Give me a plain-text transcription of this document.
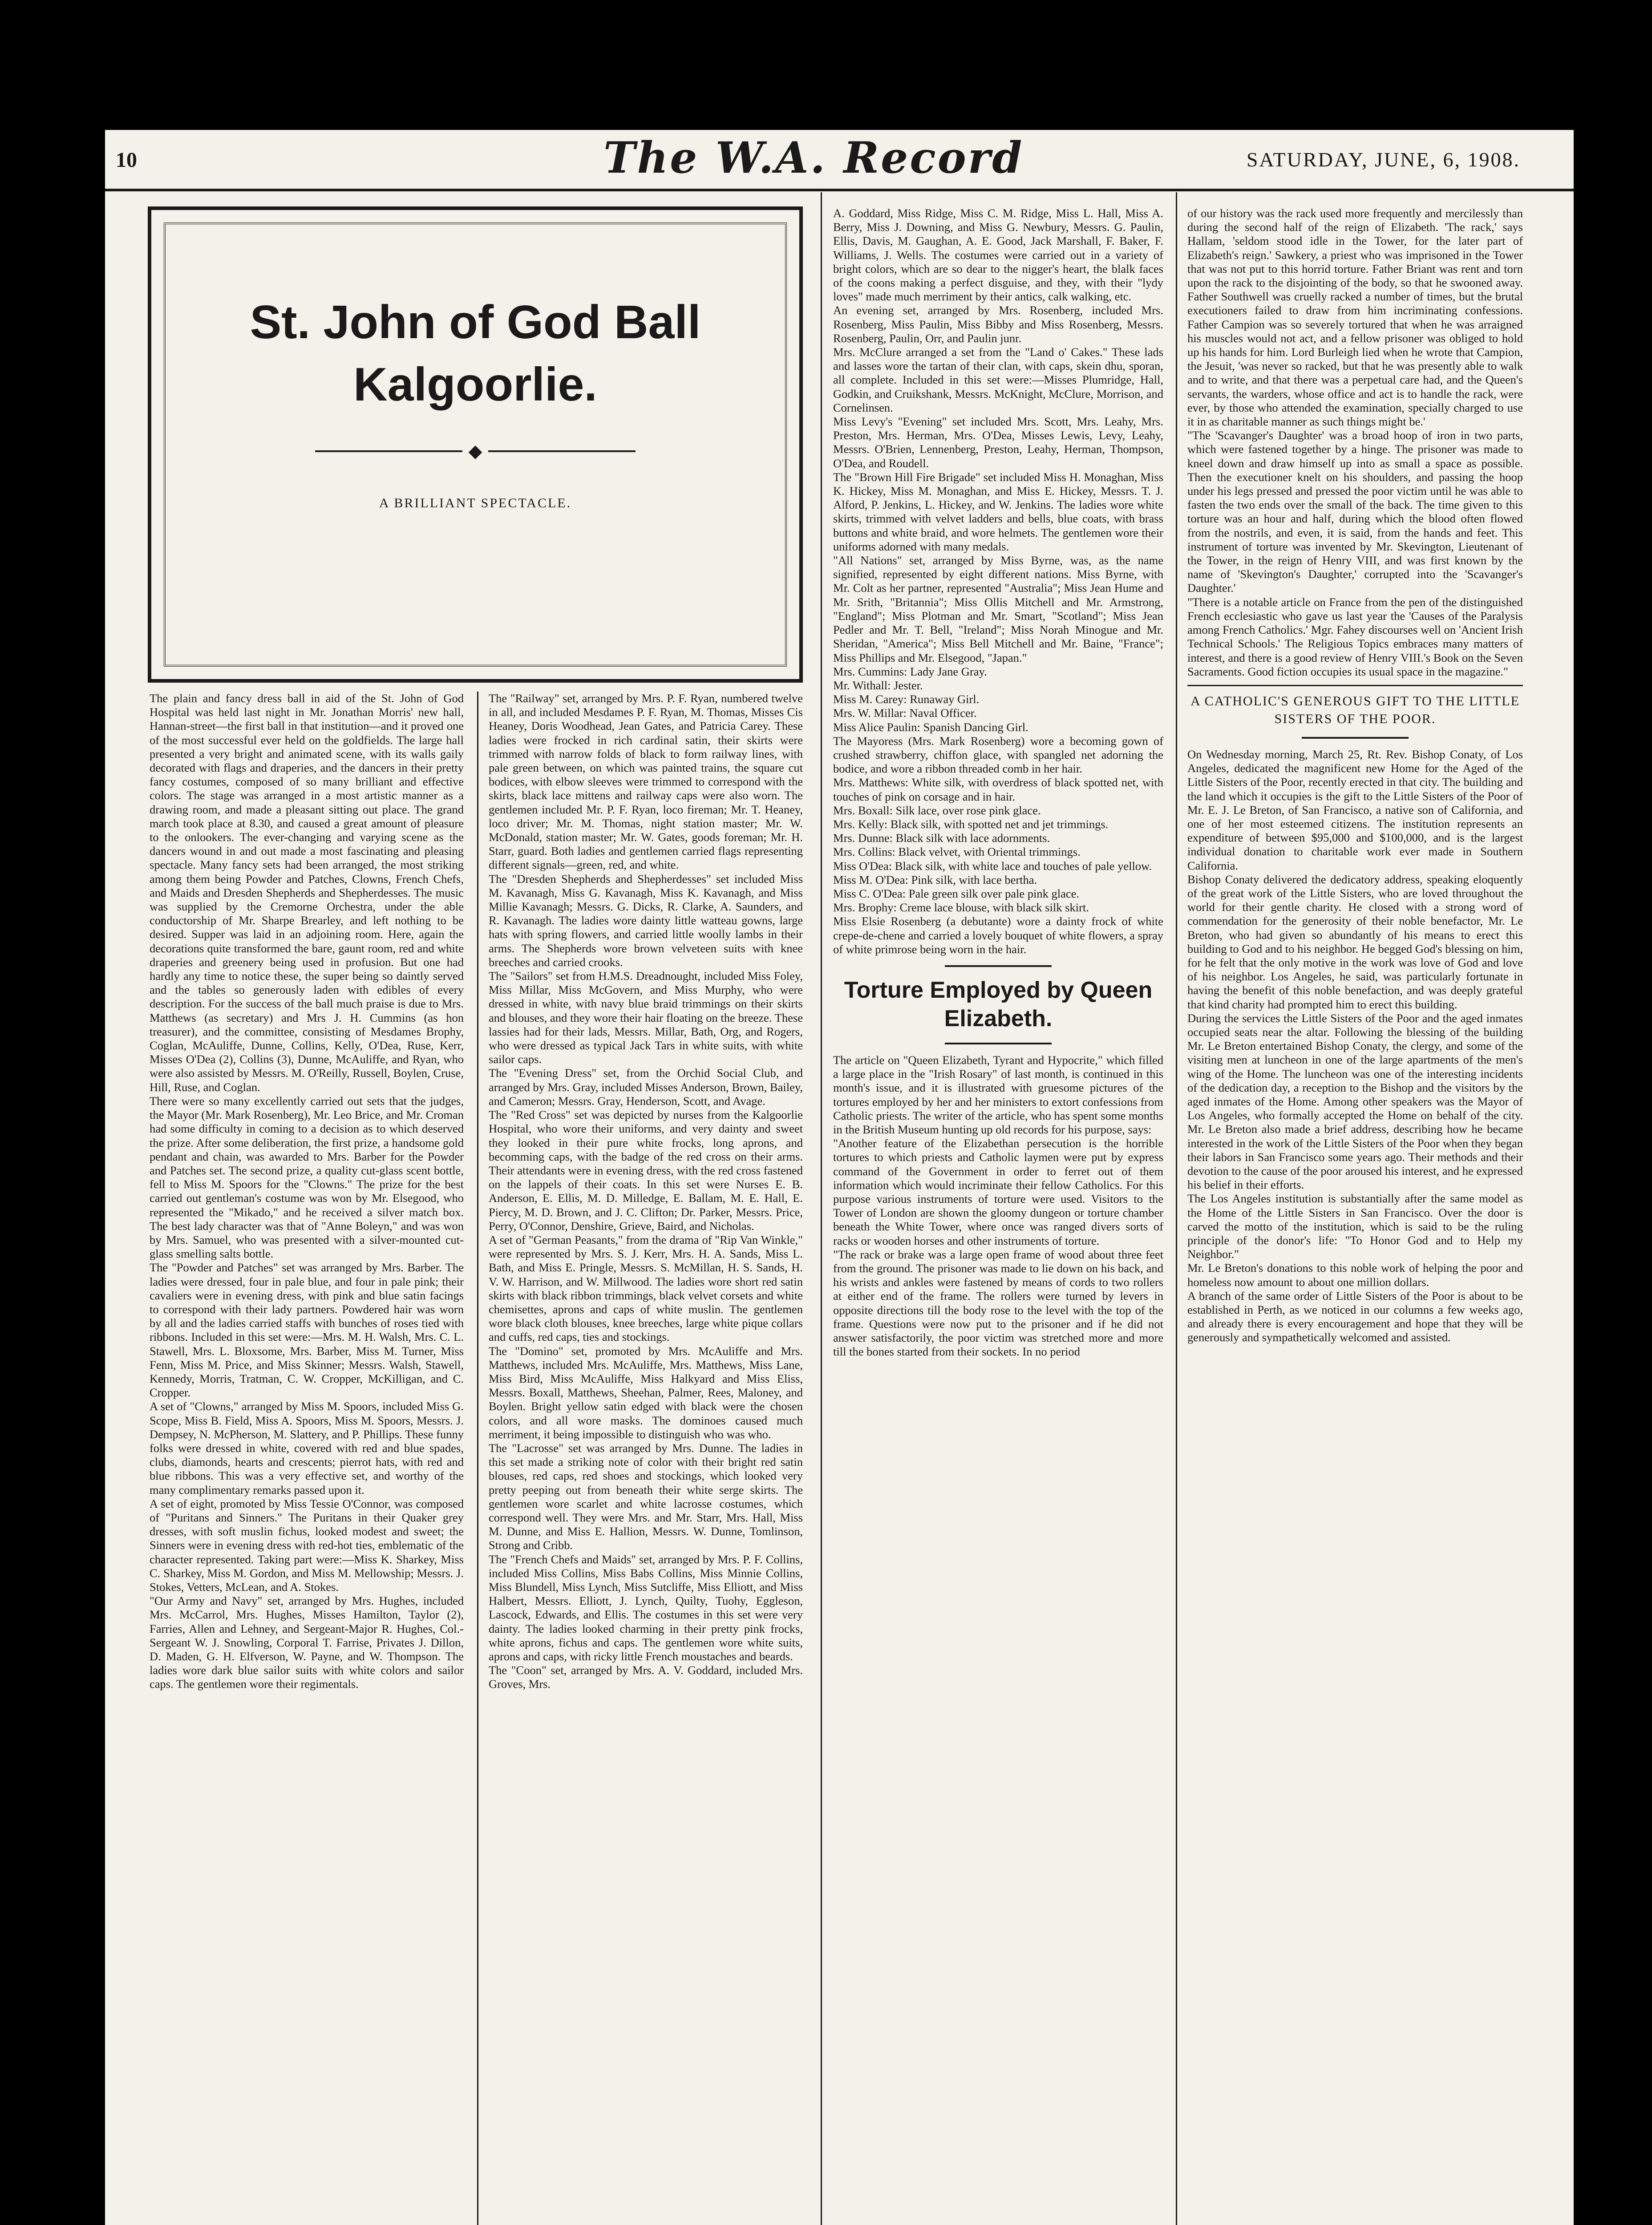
10	The W.A. Record	SATURDAY, JUNE, 6, 1908.
St. John of God Ball Kalgoorlie.
◆
A BRILLIANT SPECTACLE.
The plain and fancy dress ball in aid of the St. John of God Hospital was held last night in Mr. Jonathan Morris' new hall, Hannan-street—the first ball in that institution—and it proved one of the most successful ever held on the goldfields. The large hall presented a very bright and animated scene, with its walls gaily decorated with flags and draperies, and the dancers in their pretty fancy costumes, composed of so many brilliant and effective colors. The stage was arranged in a most artistic manner as a drawing room, and made a pleasant sitting out place. The grand march took place at 8.30, and caused a great amount of pleasure to the onlookers. The ever-changing and varying scene as the dancers wound in and out made a most fascinating and pleasing spectacle. Many fancy sets had been arranged, the most striking among them being Powder and Patches, Clowns, French Chefs, and Maids and Dresden Shepherds and Shepherdesses. The music was supplied by the Cremorne Orchestra, under the able conductorship of Mr. Sharpe Brearley, and left nothing to be desired. Supper was laid in an adjoining room. Here, again the decorations quite transformed the bare, gaunt room, red and white draperies and greenery being used in profusion. But one had hardly any time to notice these, the super being so daintly served and the tables so generously laden with edibles of every description. For the success of the ball much praise is due to Mrs. Matthews (as secretary) and Mrs J. H. Cummins (as hon treasurer), and the committee, consisting of Mesdames Brophy, Coglan, McAuliffe, Dunne, Collins, Kelly, O'Dea, Ruse, Kerr, Misses O'Dea (2), Collins (3), Dunne, McAuliffe, and Ryan, who were also assisted by Messrs. M. O'Reilly, Russell, Boylen, Cruse, Hill, Ruse, and Coglan.
There were so many excellently carried out sets that the judges, the Mayor (Mr. Mark Rosenberg), Mr. Leo Brice, and Mr. Croman had some difficulty in coming to a decision as to which deserved the prize. After some deliberation, the first prize, a handsome gold pendant and chain, was awarded to Mrs. Barber for the Powder and Patches set. The second prize, a quality cut-glass scent bottle, fell to Miss M. Spoors for the "Clowns." The prize for the best carried out gentleman's costume was won by Mr. Elsegood, who represented the "Mikado," and he received a silver match box. The best lady character was that of "Anne Boleyn," and was won by Mrs. Samuel, who was presented with a silver-mounted cut-glass smelling salts bottle.
The "Powder and Patches" set was arranged by Mrs. Barber. The ladies were dressed, four in pale blue, and four in pale pink; their cavaliers were in evening dress, with pink and blue satin facings to correspond with their lady partners. Powdered hair was worn by all and the ladies carried staffs with bunches of roses tied with ribbons. Included in this set were:—Mrs. M. H. Walsh, Mrs. C. L. Stawell, Mrs. L. Bloxsome, Mrs. Barber, Miss M. Turner, Miss Fenn, Miss M. Price, and Miss Skinner; Messrs. Walsh, Stawell, Kennedy, Morris, Tratman, C. W. Cropper, McKilligan, and C. Cropper.
A set of "Clowns," arranged by Miss M. Spoors, included Miss G. Scope, Miss B. Field, Miss A. Spoors, Miss M. Spoors, Messrs. J. Dempsey, N. McPherson, M. Slattery, and P. Phillips. These funny folks were dressed in white, covered with red and blue spades, clubs, diamonds, hearts and crescents; pierrot hats, with red and blue ribbons. This was a very effective set, and worthy of the many complimentary remarks passed upon it.
A set of eight, promoted by Miss Tessie O'Connor, was composed of "Puritans and Sinners." The Puritans in their Quaker grey dresses, with soft muslin fichus, looked modest and sweet; the Sinners were in evening dress with red-hot ties, emblematic of the character represented. Taking part were:—Miss K. Sharkey, Miss C. Sharkey, Miss M. Gordon, and Miss M. Mellowship; Messrs. J. Stokes, Vetters, McLean, and A. Stokes.
"Our Army and Navy" set, arranged by Mrs. Hughes, included Mrs. McCarrol, Mrs. Hughes, Misses Hamilton, Taylor (2), Farries, Allen and Lehney, and Sergeant-Major R. Hughes, Col.-Sergeant W. J. Snowling, Corporal T. Farrise, Privates J. Dillon, D. Maden, G. H. Elfverson, W. Payne, and W. Thompson. The ladies wore dark blue sailor suits with white colors and sailor caps. The gentlemen wore their regimentals.
The "Railway" set, arranged by Mrs. P. F. Ryan, numbered twelve in all, and included Mesdames P. F. Ryan, M. Thomas, Misses Cis Heaney, Doris Woodhead, Jean Gates, and Patricia Carey. These ladies were frocked in rich cardinal satin, their skirts were trimmed with narrow folds of black to form railway lines, with pale green between, on which was painted trains, the square cut bodices, with elbow sleeves were trimmed to correspond with the skirts, black lace mittens and railway caps were also worn. The gentlemen included Mr. P. F. Ryan, loco fireman; Mr. T. Heaney, loco driver; Mr. M. Thomas, night station master; Mr. W. McDonald, station master; Mr. W. Gates, goods foreman; Mr. H. Starr, guard. Both ladies and gentlemen carried flags representing different signals—green, red, and white.
The "Dresden Shepherds and Shepherdesses" set included Miss M. Kavanagh, Miss G. Kavanagh, Miss K. Kavanagh, and Miss Millie Kavanagh; Messrs. G. Dicks, R. Clarke, A. Saunders, and R. Kavanagh. The ladies wore dainty little watteau gowns, large hats with spring flowers, and carried little woolly lambs in their arms. The Shepherds wore brown velveteen suits with knee breeches and carried crooks.
The "Sailors" set from H.M.S. Dreadnought, included Miss Foley, Miss Millar, Miss McGovern, and Miss Murphy, who were dressed in white, with navy blue braid trimmings on their skirts and blouses, and they wore their hair floating on the breeze. These lassies had for their lads, Messrs. Millar, Bath, Org, and Rogers, who were dressed as typical Jack Tars in white suits, with white sailor caps.
The "Evening Dress" set, from the Orchid Social Club, and arranged by Mrs. Gray, included Misses Anderson, Brown, Bailey, and Cameron; Messrs. Gray, Henderson, Scott, and Avage.
The "Red Cross" set was depicted by nurses from the Kalgoorlie Hospital, who wore their uniforms, and very dainty and sweet they looked in their pure white frocks, long aprons, and becomming caps, with the badge of the red cross on their arms. Their attendants were in evening dress, with the red cross fastened on the lappels of their coats. In this set were Nurses E. B. Anderson, E. Ellis, M. D. Milledge, E. Ballam, M. E. Hall, E. Piercy, M. D. Brown, and J. C. Clifton; Dr. Parker, Messrs. Price, Perry, O'Connor, Denshire, Grieve, Baird, and Nicholas.
A set of "German Peasants," from the drama of "Rip Van Winkle," were represented by Mrs. S. J. Kerr, Mrs. H. A. Sands, Miss L. Bath, and Miss E. Pringle, Messrs. S. McMillan, H. S. Sands, H. V. W. Harrison, and W. Millwood. The ladies wore short red satin skirts with black ribbon trimmings, black velvet corsets and white chemisettes, aprons and caps of white muslin. The gentlemen wore black cloth blouses, knee breeches, large white pique collars and cuffs, red caps, ties and stockings.
The "Domino" set, promoted by Mrs. McAuliffe and Mrs. Matthews, included Mrs. McAuliffe, Mrs. Matthews, Miss Lane, Miss Bird, Miss McAuliffe, Miss Halkyard and Miss Eliss, Messrs. Boxall, Matthews, Sheehan, Palmer, Rees, Maloney, and Boylen. Bright yellow satin edged with black were the chosen colors, and all wore masks. The dominoes caused much merriment, it being impossible to distinguish who was who.
The "Lacrosse" set was arranged by Mrs. Dunne. The ladies in this set made a striking note of color with their bright red satin blouses, red caps, red shoes and stockings, which looked very pretty peeping out from beneath their white serge skirts. The gentlemen wore scarlet and white lacrosse costumes, which correspond well. They were Mrs. and Mr. Starr, Mrs. Hall, Miss M. Dunne, and Miss E. Hallion, Messrs. W. Dunne, Tomlinson, Strong and Cribb.
The "French Chefs and Maids" set, arranged by Mrs. P. F. Collins, included Miss Collins, Miss Babs Collins, Miss Minnie Collins, Miss Blundell, Miss Lynch, Miss Sutcliffe, Miss Elliott, and Miss Halbert, Messrs. Elliott, J. Lynch, Quilty, Tuohy, Eggleson, Lascock, Edwards, and Ellis. The costumes in this set were very dainty. The ladies looked charming in their pretty pink frocks, white aprons, fichus and caps. The gentlemen wore white suits, aprons and caps, with ricky little French moustaches and beards.
The "Coon" set, arranged by Mrs. A. V. Goddard, included Mrs. Groves, Mrs.
A. Goddard, Miss Ridge, Miss C. M. Ridge, Miss L. Hall, Miss A. Berry, Miss J. Downing, and Miss G. Newbury, Messrs. G. Paulin, Ellis, Davis, M. Gaughan, A. E. Good, Jack Marshall, F. Baker, F. Williams, J. Wells. The costumes were carried out in a variety of bright colors, which are so dear to the nigger's heart, the blalk faces of the coons making a perfect disguise, and they, with their "lydy loves" made much merriment by their antics, calk walking, etc.
An evening set, arranged by Mrs. Rosenberg, included Mrs. Rosenberg, Miss Paulin, Miss Bibby and Miss Rosenberg, Messrs. Rosenberg, Paulin, Orr, and Paulin junr.
Mrs. McClure arranged a set from the "Land o' Cakes." These lads and lasses wore the tartan of their clan, with caps, skein dhu, sporan, all complete. Included in this set were:—Misses Plumridge, Hall, Godkin, and Cruikshank, Messrs. McKnight, McClure, Morrison, and Cornelinsen.
Miss Levy's "Evening" set included Mrs. Scott, Mrs. Leahy, Mrs. Preston, Mrs. Herman, Mrs. O'Dea, Misses Lewis, Levy, Leahy, Messrs. O'Brien, Lennenberg, Preston, Leahy, Herman, Thompson, O'Dea, and Roudell.
The "Brown Hill Fire Brigade" set included Miss H. Monaghan, Miss K. Hickey, Miss M. Monaghan, and Miss E. Hickey, Messrs. T. J. Alford, P. Jenkins, L. Hickey, and W. Jenkins. The ladies wore white skirts, trimmed with velvet ladders and bells, blue coats, with brass buttons and white braid, and wore helmets. The gentlemen wore their uniforms adorned with many medals.
"All Nations" set, arranged by Miss Byrne, was, as the name signified, represented by eight different nations. Miss Byrne, with Mr. Colt as her partner, represented "Australia"; Miss Jean Hume and Mr. Srith, "Britannia"; Miss Ollis Mitchell and Mr. Armstrong, "England"; Miss Plotman and Mr. Smart, "Scotland"; Miss Jean Pedler and Mr. T. Bell, "Ireland"; Miss Norah Minogue and Mr. Sheridan, "America"; Miss Bell Mitchell and Mr. Baine, "France"; Miss Phillips and Mr. Elsegood, "Japan."
Mrs. Cummins: Lady Jane Gray.
Mr. Withall: Jester.
Miss M. Carey: Runaway Girl.
Mrs. W. Millar: Naval Officer.
Miss Alice Paulin: Spanish Dancing Girl.
The Mayoress (Mrs. Mark Rosenberg) wore a becoming gown of crushed strawberry, chiffon glace, with spangled net adorning the bodice, and wore a ribbon threaded comb in her hair.
Mrs. Matthews: White silk, with overdress of black spotted net, with touches of pink on corsage and in hair.
Mrs. Boxall: Silk lace, over rose pink glace.
Mrs. Kelly: Black silk, with spotted net and jet trimmings.
Mrs. Dunne: Black silk with lace adornments.
Mrs. Collins: Black velvet, with Oriental trimmings.
Miss O'Dea: Black silk, with white lace and touches of pale yellow.
Miss M. O'Dea: Pink silk, with lace bertha.
Miss C. O'Dea: Pale green silk over pale pink glace.
Mrs. Brophy: Creme lace blouse, with black silk skirt.
Miss Elsie Rosenberg (a debutante) wore a dainty frock of white crepe-de-chene and carried a lovely bouquet of white flowers, a spray of white primrose being worn in the hair.
Torture Employed by Queen Elizabeth.
The article on "Queen Elizabeth, Tyrant and Hypocrite," which filled a large place in the "Irish Rosary" of last month, is continued in this month's issue, and it is illustrated with gruesome pictures of the tortures employed by her and her ministers to extort confessions from Catholic priests. The writer of the article, who has spent some months in the British Museum hunting up old records for his purpose, says:
"Another feature of the Elizabethan persecution is the horrible tortures to which priests and Catholic laymen were put by express command of the Government in order to ferret out of them information which would incriminate their fellow Catholics. For this purpose various instruments of torture were used. Visitors to the Tower of London are shown the gloomy dungeon or torture chamber beneath the White Tower, where once was ranged divers sorts of racks or wooden horses and other instruments of torture.
"The rack or brake was a large open frame of wood about three feet from the ground. The prisoner was made to lie down on his back, and his wrists and ankles were fastened by means of cords to two rollers at either end of the frame. The rollers were turned by levers in opposite directions till the body rose to the level with the top of the frame. Questions were now put to the prisoner and if he did not answer satisfactorily, the poor victim was stretched more and more till the bones started from their sockets. In no period
of our history was the rack used more frequently and mercilessly than during the second half of the reign of Elizabeth. 'The rack,' says Hallam, 'seldom stood idle in the Tower, for the later part of Elizabeth's reign.' Sawkery, a priest who was imprisoned in the Tower that was not put to this horrid torture. Father Briant was rent and torn upon the rack to the disjointing of the body, so that he swooned away. Father Southwell was cruelly racked a number of times, but the brutal executioners failed to draw from him incriminating confessions. Father Campion was so severely tortured that when he was arraigned his muscles would not act, and a fellow prisoner was obliged to hold up his hands for him. Lord Burleigh lied when he wrote that Campion, the Jesuit, 'was never so racked, but that he was presently able to walk and to write, and that there was a perpetual care had, and the Queen's servants, the warders, whose office and act is to handle the rack, were ever, by those who attended the examination, specially charged to use it in as charitable manner as such things might be.'
"The 'Scavanger's Daughter' was a broad hoop of iron in two parts, which were fastened together by a hinge. The prisoner was made to kneel down and draw himself up into as small a space as possible. Then the executioner knelt on his shoulders, and passing the hoop under his legs pressed and pressed the poor victim until he was able to fasten the two ends over the small of the back. The time given to this torture was an hour and half, during which the blood often flowed from the nostrils, and even, it is said, from the hands and feet. This instrument of torture was invented by Mr. Skevington, Lieutenant of the Tower, in the reign of Henry VIII, and was first known by the name of 'Skevington's Daughter,' corrupted into the 'Scavanger's Daughter.'
"There is a notable article on France from the pen of the distinguished French ecclesiastic who gave us last year the 'Causes of the Paralysis among French Catholics.' Mgr. Fahey discourses well on 'Ancient Irish Technical Schools.' The Religious Topics embraces many matters of interest, and there is a good review of Henry VIII.'s Book on the Seven Sacraments. Good fiction occupies its usual space in the magazine."
A CATHOLIC'S GENEROUS GIFT TO THE LITTLE SISTERS OF THE POOR.
On Wednesday morning, March 25, Rt. Rev. Bishop Conaty, of Los Angeles, dedicated the magnificent new Home for the Aged of the Little Sisters of the Poor, recently erected in that city. The building and the land which it occupies is the gift to the Little Sisters of the Poor of Mr. E. J. Le Breton, of San Francisco, a native son of California, and one of her most esteemed citizens. The institution represents an expenditure of between $95,000 and $100,000, and is the largest individual donation to charitable work ever made in Southern California.
Bishop Conaty delivered the dedicatory address, speaking eloquently of the great work of the Little Sisters, who are loved throughout the world for their gentle charity. He closed with a strong word of commendation for the generosity of their noble benefactor, Mr. Le Breton, who had given so abundantly of his means to erect this building to God and to his neighbor. He begged God's blessing on him, for he felt that the only motive in the work was love of God and love of his neighbor. Los Angeles, he said, was particularly fortunate in having the benefit of this noble benefaction, and was deeply grateful that kind charity had prompted him to erect this building.
During the services the Little Sisters of the Poor and the aged inmates occupied seats near the altar. Following the blessing of the building Mr. Le Breton entertained Bishop Conaty, the clergy, and some of the visiting men at luncheon in one of the large apartments of the men's wing of the Home. The luncheon was one of the interesting incidents of the dedication day, a reception to the Bishop and the visitors by the aged inmates of the Home. Among other speakers was the Mayor of Los Angeles, who formally accepted the Home on behalf of the city. Mr. Le Breton also made a brief address, describing how he became interested in the work of the Little Sisters of the Poor when they began their labors in San Francisco some years ago. Their methods and their devotion to the cause of the poor aroused his interest, and he expressed his belief in their efforts.
The Los Angeles institution is substantially after the same model as the Home of the Little Sisters in San Francisco. Over the door is carved the motto of the institution, which is said to be the ruling principle of the donor's life: "To Honor God and to Help my Neighbor."
Mr. Le Breton's donations to this noble work of helping the poor and homeless now amount to about one million dollars.
A branch of the same order of Little Sisters of the Poor is about to be established in Perth, as we noticed in our columns a few weeks ago, and already there is every encouragement and hope that they will be generously and sympathetically welcomed and assisted.
